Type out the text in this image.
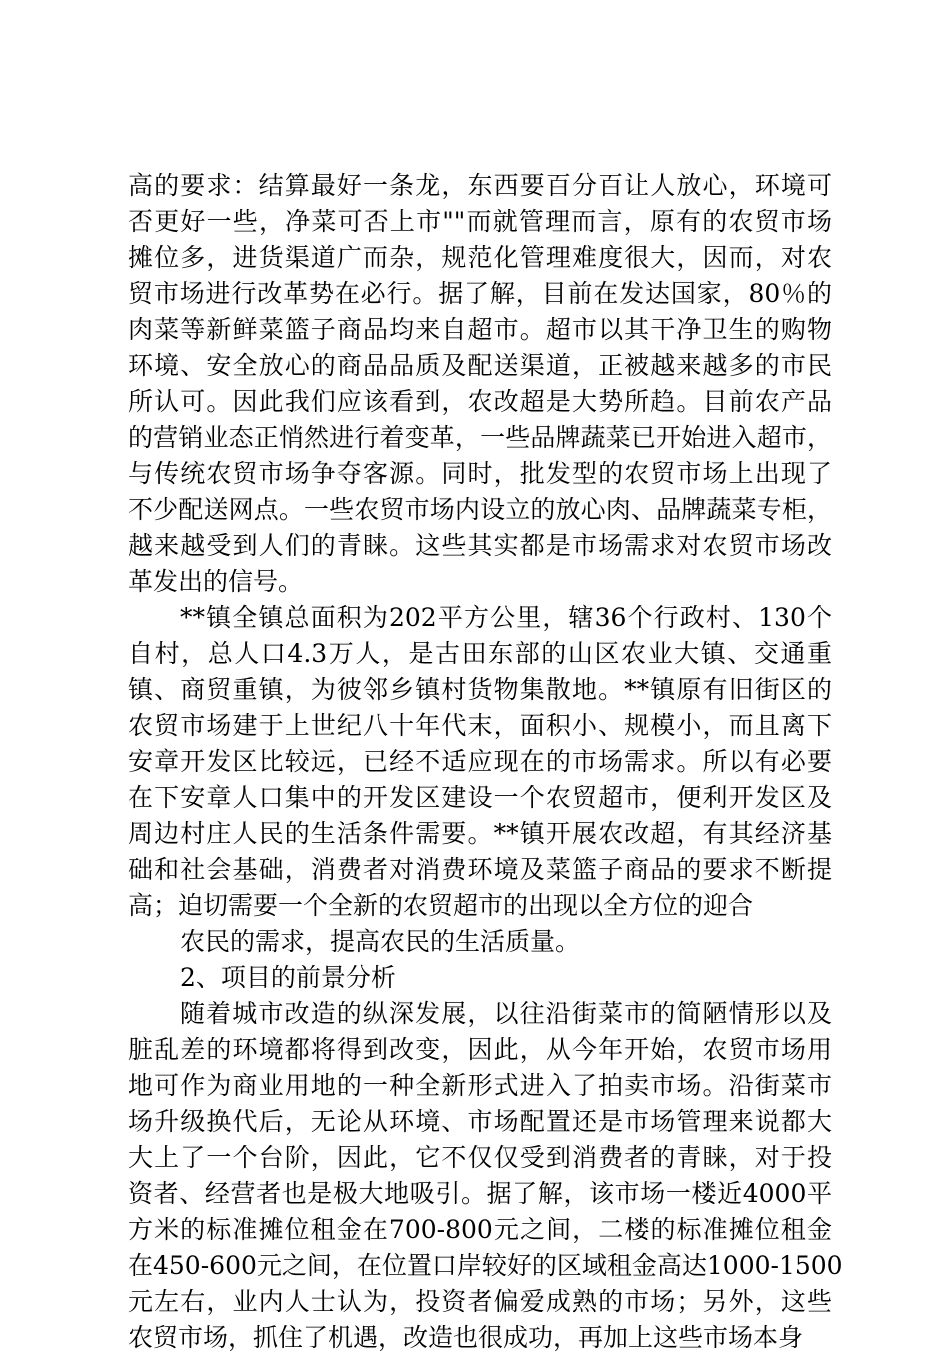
高的要求：结算最好一条龙，东西要百分百让人放心，环境可
否更好一些，净菜可否上市""而就管理而言，原有的农贸市场
摊位多，进货渠道广而杂，规范化管理难度很大，因而，对农
贸市场进行改革势在必行。据了解，目前在发达国家，80％的
肉菜等新鲜菜篮子商品均来自超市。超市以其干净卫生的购物
环境、安全放心的商品品质及配送渠道，正被越来越多的市民
所认可。因此我们应该看到，农改超是大势所趋。目前农产品
的营销业态正悄然进行着变革，一些品牌蔬菜已开始进入超市，
与传统农贸市场争夺客源。同时，批发型的农贸市场上出现了
不少配送网点。一些农贸市场内设立的放心肉、品牌蔬菜专柜，
越来越受到人们的青睐。这些其实都是市场需求对农贸市场改
革发出的信号。
**镇全镇总面积为202平方公里，辖36个行政村、130个
自村，总人口4.3万人，是古田东部的山区农业大镇、交通重
镇、商贸重镇，为彼邻乡镇村货物集散地。**镇原有旧街区的
农贸市场建于上世纪八十年代末，面积小、规模小，而且离下
安章开发区比较远，已经不适应现在的市场需求。所以有必要
在下安章人口集中的开发区建设一个农贸超市，便利开发区及
周边村庄人民的生活条件需要。**镇开展农改超，有其经济基
础和社会基础，消费者对消费环境及菜篮子商品的要求不断提
高；迫切需要一个全新的农贸超市的出现以全方位的迎合
农民的需求，提高农民的生活质量。
2、项目的前景分析
随着城市改造的纵深发展，以往沿街菜市的简陋情形以及
脏乱差的环境都将得到改变，因此，从今年开始，农贸市场用
地可作为商业用地的一种全新形式进入了拍卖市场。沿街菜市
场升级换代后，无论从环境、市场配置还是市场管理来说都大
大上了一个台阶，因此，它不仅仅受到消费者的青睐，对于投
资者、经营者也是极大地吸引。据了解，该市场一楼近4000平
方米的标准摊位租金在700-800元之间，二楼的标准摊位租金
在450-600元之间，在位置口岸较好的区域租金高达1000-1500
元左右，业内人士认为，投资者偏爱成熟的市场；另外，这些
农贸市场，抓住了机遇，改造也很成功，再加上这些市场本身
